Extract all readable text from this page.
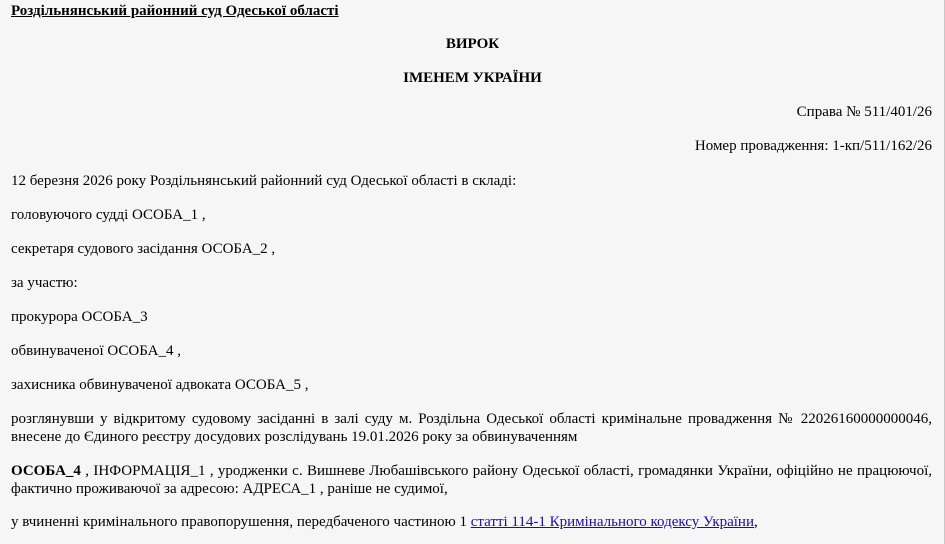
Роздільнянський районний суд Одеської області
ВИРОК
ІМЕНЕМ УКРАЇНИ
Справа № 511/401/26
Номер провадження: 1-кп/511/162/26
12 березня 2026 року Роздільнянський районний суд Одеської області в складі:
головуючого судді ОСОБА_1 ,
секретаря судового засідання ОСОБА_2 ,
за участю:
прокурора ОСОБА_3
обвинуваченої ОСОБА_4 ,
захисника обвинуваченої адвоката ОСОБА_5 ,
розглянувши у відкритому судовому засіданні в залі суду м. Роздільна Одеської області кримінальне провадження № 22026160000000046, внесене до Єдиного реєстру досудових розслідувань 19.01.2026 року за обвинуваченням
ОСОБА_4 , ІНФОРМАЦІЯ_1 , уродженки с. Вишневе Любашівського району Одеської області, громадянки України, офіційно не працюючої, фактично проживаючої за адресою: АДРЕСА_1 , раніше не судимої,
у вчиненні кримінального правопорушення, передбаченого частиною 1 статті 114-1 Кримінального кодексу України,
